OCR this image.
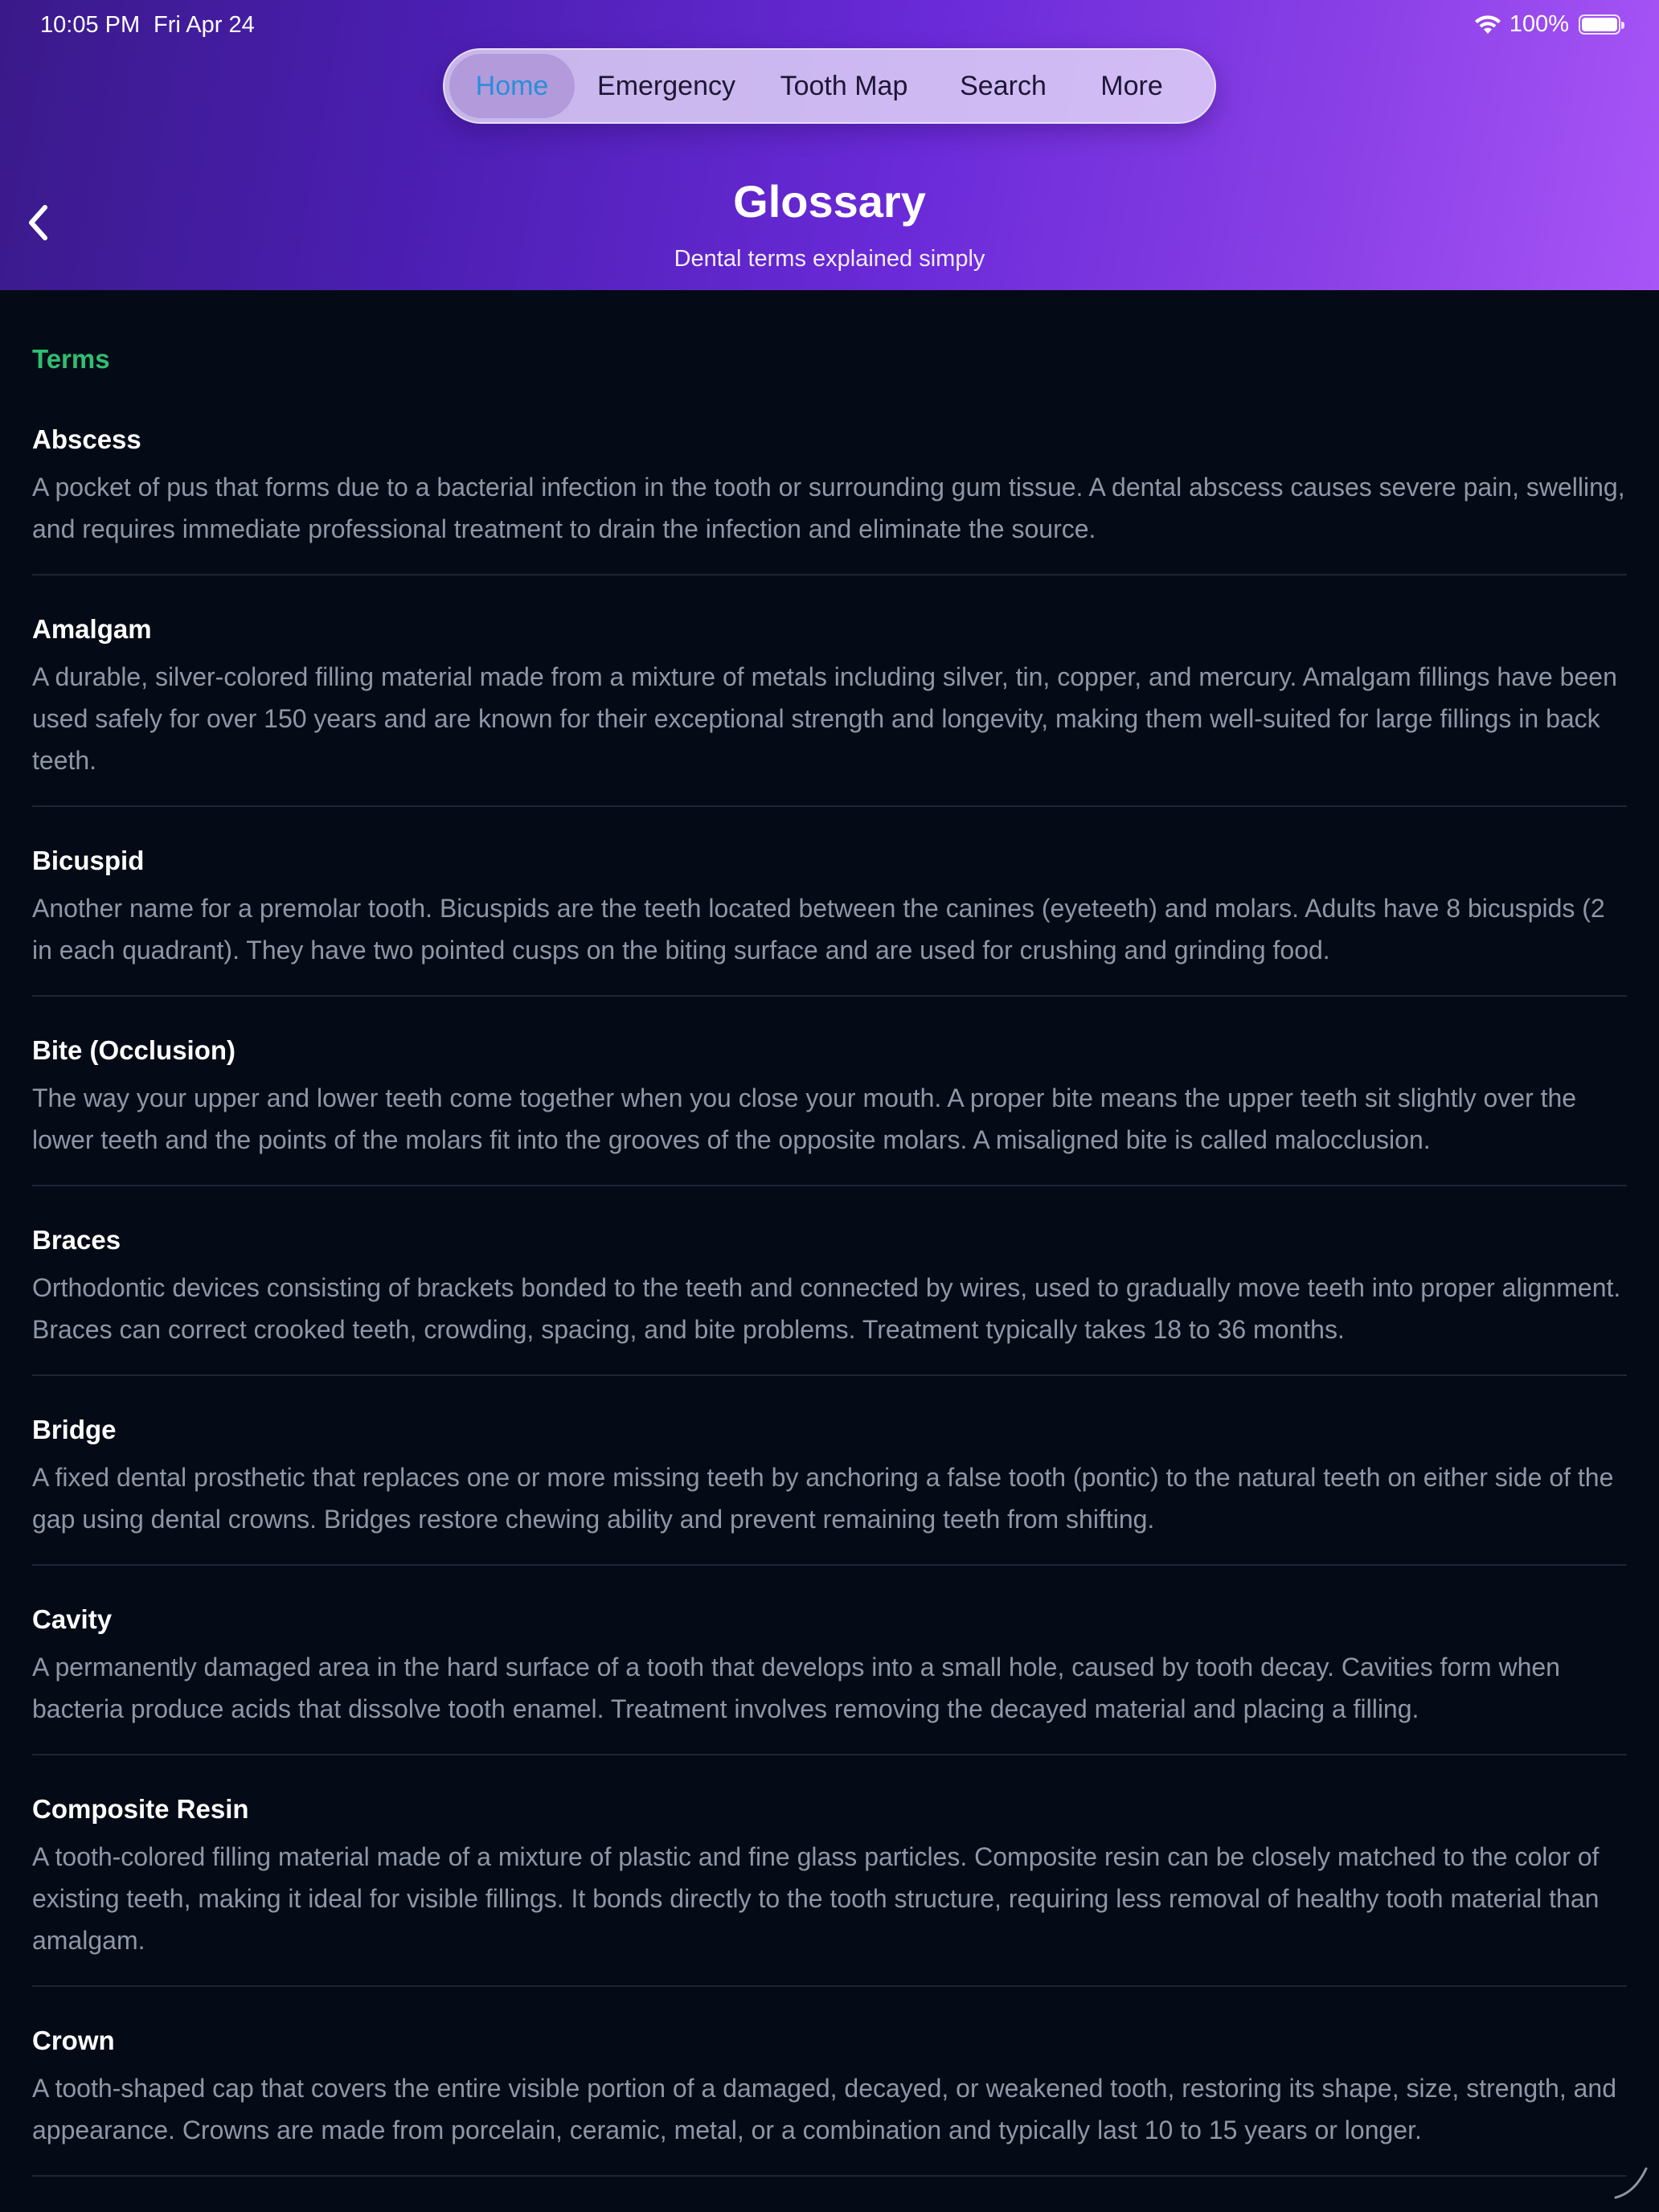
10:05 PM Fri Apr 24	100%
Home	Emergency	Tooth Map	Search	More
Glossary
Dental terms explained simply
Terms
Abscess
A pocket of pus that forms due to a bacterial infection in the tooth or surrounding gum tissue. A dental abscess causes severe pain, swelling, and requires immediate professional treatment to drain the infection and eliminate the source.
Amalgam
A durable, silver-colored filling material made from a mixture of metals including silver, tin, copper, and mercury. Amalgam fillings have been used safely for over 150 years and are known for their exceptional strength and longevity, making them well-suited for large fillings in back teeth.
Bicuspid
Another name for a premolar tooth. Bicuspids are the teeth located between the canines (eyeteeth) and molars. Adults have 8 bicuspids (2 in each quadrant). They have two pointed cusps on the biting surface and are used for crushing and grinding food.
Bite (Occlusion)
The way your upper and lower teeth come together when you close your mouth. A proper bite means the upper teeth sit slightly over the lower teeth and the points of the molars fit into the grooves of the opposite molars. A misaligned bite is called malocclusion.
Braces
Orthodontic devices consisting of brackets bonded to the teeth and connected by wires, used to gradually move teeth into proper alignment. Braces can correct crooked teeth, crowding, spacing, and bite problems. Treatment typically takes 18 to 36 months.
Bridge
A fixed dental prosthetic that replaces one or more missing teeth by anchoring a false tooth (pontic) to the natural teeth on either side of the gap using dental crowns. Bridges restore chewing ability and prevent remaining teeth from shifting.
Cavity
A permanently damaged area in the hard surface of a tooth that develops into a small hole, caused by tooth decay. Cavities form when bacteria produce acids that dissolve tooth enamel. Treatment involves removing the decayed material and placing a filling.
Composite Resin
A tooth-colored filling material made of a mixture of plastic and fine glass particles. Composite resin can be closely matched to the color of existing teeth, making it ideal for visible fillings. It bonds directly to the tooth structure, requiring less removal of healthy tooth material than amalgam.
Crown
A tooth-shaped cap that covers the entire visible portion of a damaged, decayed, or weakened tooth, restoring its shape, size, strength, and appearance. Crowns are made from porcelain, ceramic, metal, or a combination and typically last 10 to 15 years or longer.
